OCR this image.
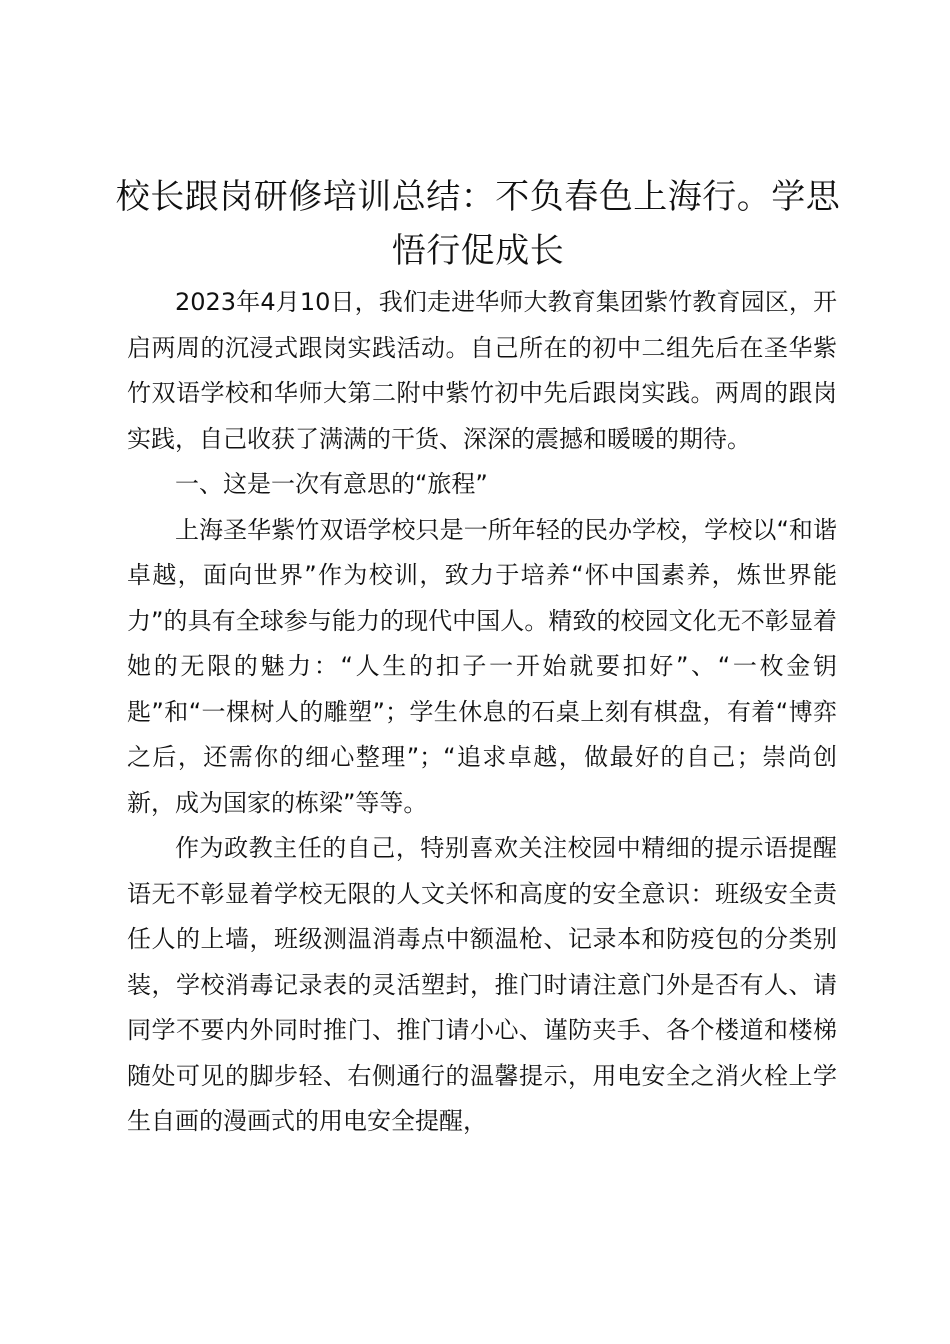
校长跟岗研修培训总结：不负春色上海行。学思悟行促成长

2023年4月10日，我们走进华师大教育集团紫竹教育园区，开启两周的沉浸式跟岗实践活动。自己所在的初中二组先后在圣华紫竹双语学校和华师大第二附中紫竹初中先后跟岗实践。两周的跟岗实践，自己收获了满满的干货、深深的震撼和暖暖的期待。

一、这是一次有意思的“旅程”

上海圣华紫竹双语学校只是一所年轻的民办学校，学校以“和谐卓越，面向世界”作为校训，致力于培养“怀中国素养，炼世界能力”的具有全球参与能力的现代中国人。精致的校园文化无不彰显着她的无限的魅力：“人生的扣子一开始就要扣好”、“一枚金钥匙”和“一棵树人的雕塑”；学生休息的石桌上刻有棋盘，有着“博弈之后，还需你的细心整理”；“追求卓越，做最好的自己；崇尚创新，成为国家的栋梁”等等。

作为政教主任的自己，特别喜欢关注校园中精细的提示语提醒语无不彰显着学校无限的人文关怀和高度的安全意识：班级安全责任人的上墙，班级测温消毒点中额温枪、记录本和防疫包的分类别装，学校消毒记录表的灵活塑封，推门时请注意门外是否有人、请同学不要内外同时推门、推门请小心、谨防夹手、各个楼道和楼梯随处可见的脚步轻、右侧通行的温馨提示，用电安全之消火栓上学生自画的漫画式的用电安全提醒，
